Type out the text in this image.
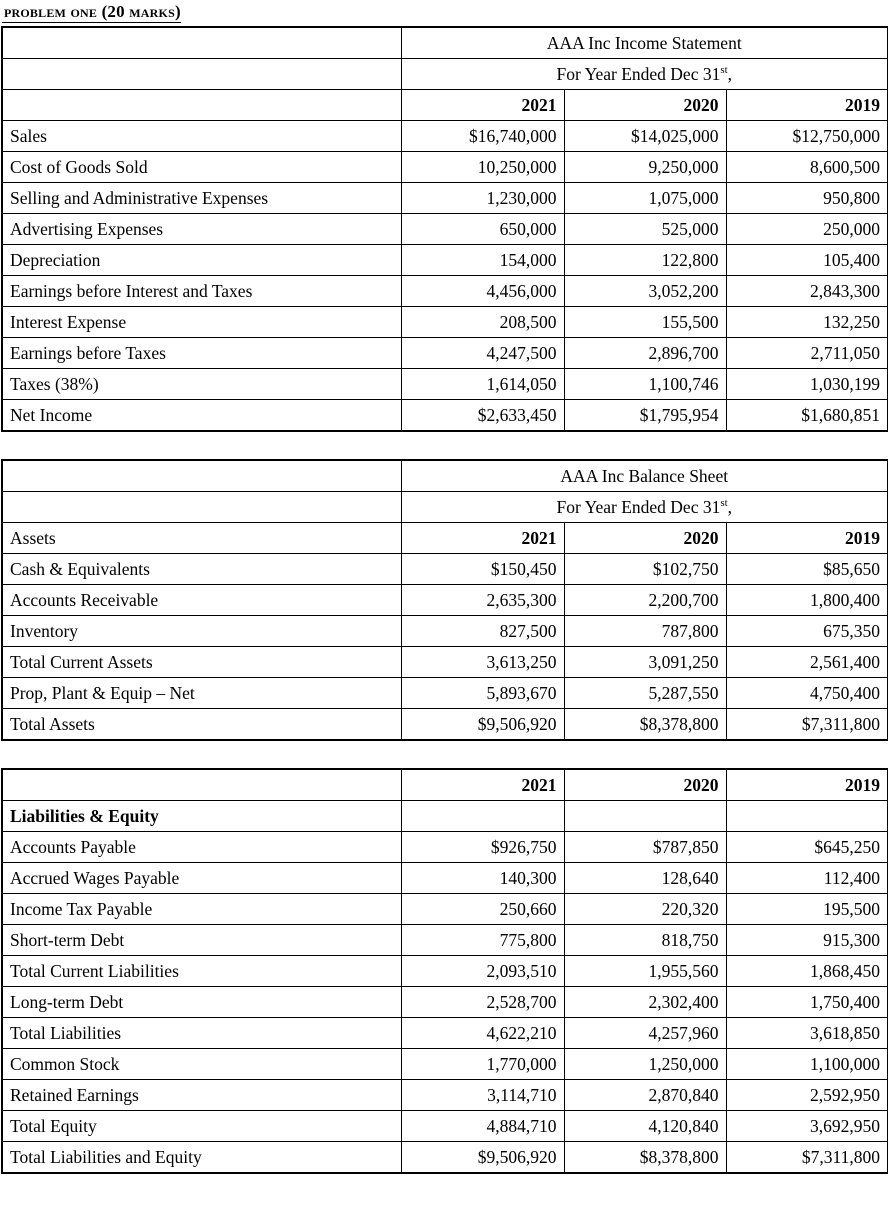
problem one (20 marks)
	AAA Inc Income Statement		
	For Year Ended Dec 31st,		
	2021	2020	2019
Sales	$16,740,000	$14,025,000	$12,750,000
Cost of Goods Sold	10,250,000	9,250,000	8,600,500
Selling and Administrative Expenses	1,230,000	1,075,000	950,800
Advertising Expenses	650,000	525,000	250,000
Depreciation	154,000	122,800	105,400
Earnings before Interest and Taxes	4,456,000	3,052,200	2,843,300
Interest Expense	208,500	155,500	132,250
Earnings before Taxes	4,247,500	2,896,700	2,711,050
Taxes (38%)	1,614,050	1,100,746	1,030,199
Net Income	$2,633,450	$1,795,954	$1,680,851
	AAA Inc Balance Sheet		
	For Year Ended Dec 31st,		
Assets	2021	2020	2019
Cash & Equivalents	$150,450	$102,750	$85,650
Accounts Receivable	2,635,300	2,200,700	1,800,400
Inventory	827,500	787,800	675,350
Total Current Assets	3,613,250	3,091,250	2,561,400
Prop, Plant & Equip – Net	5,893,670	5,287,550	4,750,400
Total Assets	$9,506,920	$8,378,800	$7,311,800
	2021	2020	2019
Liabilities & Equity			
Accounts Payable	$926,750	$787,850	$645,250
Accrued Wages Payable	140,300	128,640	112,400
Income Tax Payable	250,660	220,320	195,500
Short-term Debt	775,800	818,750	915,300
Total Current Liabilities	2,093,510	1,955,560	1,868,450
Long-term Debt	2,528,700	2,302,400	1,750,400
Total Liabilities	4,622,210	4,257,960	3,618,850
Common Stock	1,770,000	1,250,000	1,100,000
Retained Earnings	3,114,710	2,870,840	2,592,950
Total Equity	4,884,710	4,120,840	3,692,950
Total Liabilities and Equity	$9,506,920	$8,378,800	$7,311,800
